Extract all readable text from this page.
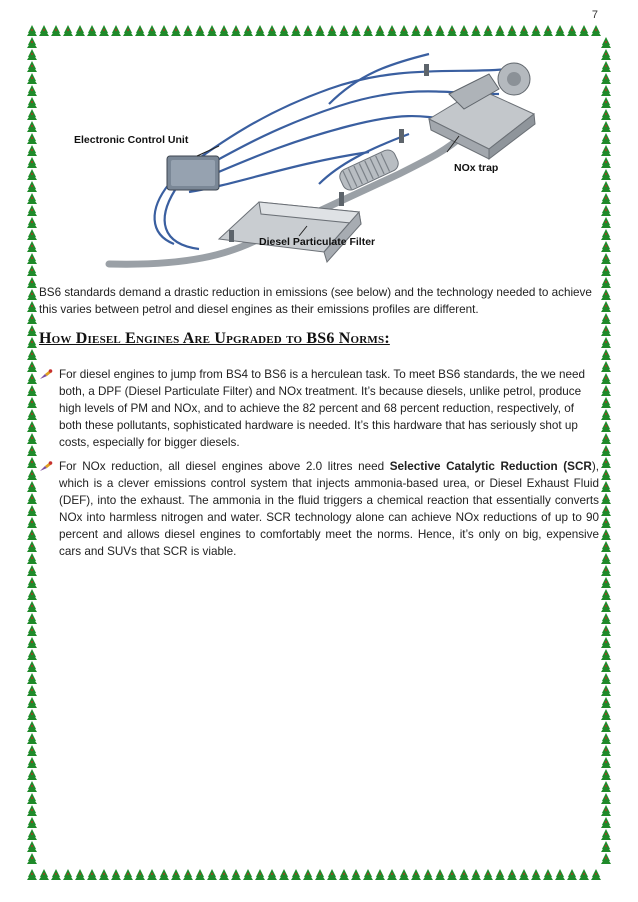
7
Electronic Control Unit
NOx trap
Diesel Particulate Filter

BS6 standards demand a drastic reduction in emissions (see below) and the technology needed to achieve this varies between petrol and diesel engines as their emissions profiles are different.

How Diesel Engines Are Upgraded to BS6 Norms:
For diesel engines to jump from BS4 to BS6 is a herculean task. To meet BS6 standards, the we need both, a DPF (Diesel Particulate Filter) and NOx treatment. It’s because diesels, unlike petrol, produce high levels of PM and NOx, and to achieve the 82 percent and 68 percent reduction, respectively, of both these pollutants, sophisticated hardware is needed. It’s this hardware that has seriously shot up costs, especially for bigger diesels.
For NOx reduction, all diesel engines above 2.0 litres need Selective Catalytic Reduction (SCR), which is a clever emissions control system that injects ammonia-based urea, or Diesel Exhaust Fluid (DEF), into the exhaust. The ammonia in the fluid triggers a chemical reaction that essentially converts NOx into harmless nitrogen and water. SCR technology alone can achieve NOx reductions of up to 90 percent and allows diesel engines to comfortably meet the norms. Hence, it’s only on big, expensive cars and SUVs that SCR is viable.
